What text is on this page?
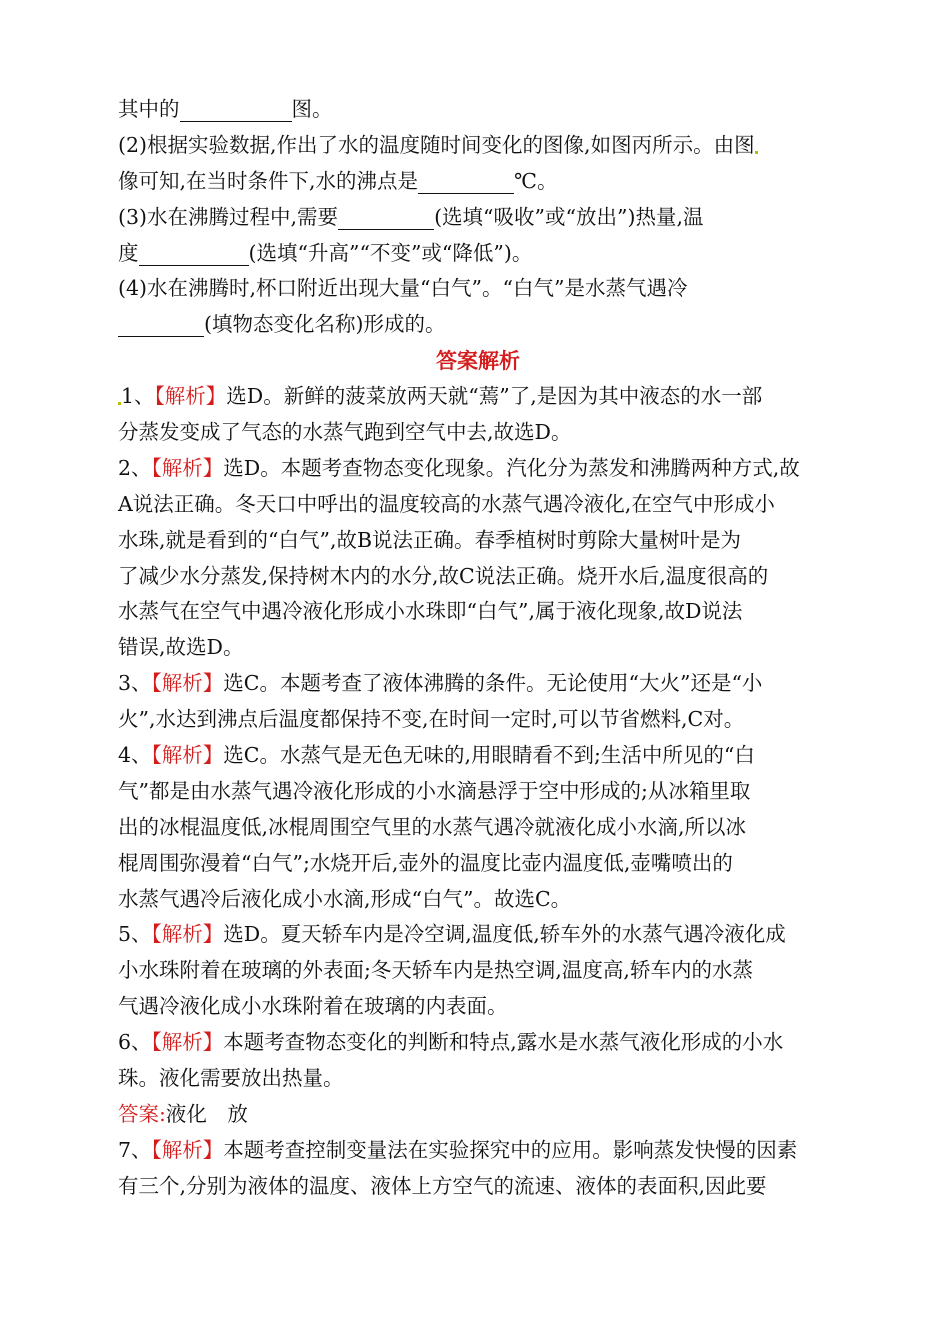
其中的	图。
(2)根据实验数据,作出了水的温度随时间变化的图像,如图丙所示。由图
像可知,在当时条件下,水的沸点是	℃。
(3)水在沸腾过程中,需要	(选填“吸收”或“放出”)热量,温
度	(选填“升高”“不变”或“降低”)。
(4)水在沸腾时,杯口附近出现大量“白气”。“白气”是水蒸气遇冷
(填物态变化名称)形成的。
答案解析
1、【解析】选D。新鲜的菠菜放两天就“蔫”了,是因为其中液态的水一部
分蒸发变成了气态的水蒸气跑到空气中去,故选D。
2、【解析】选D。本题考查物态变化现象。汽化分为蒸发和沸腾两种方式,故
A说法正确。冬天口中呼出的温度较高的水蒸气遇冷液化,在空气中形成小
水珠,就是看到的“白气”,故B说法正确。春季植树时剪除大量树叶是为
了减少水分蒸发,保持树木内的水分,故C说法正确。烧开水后,温度很高的
水蒸气在空气中遇冷液化形成小水珠即“白气”,属于液化现象,故D说法
错误,故选D。
3、【解析】选C。本题考查了液体沸腾的条件。无论使用“大火”还是“小
火”,水达到沸点后温度都保持不变,在时间一定时,可以节省燃料,C对。
4、【解析】选C。水蒸气是无色无味的,用眼睛看不到;生活中所见的“白
气”都是由水蒸气遇冷液化形成的小水滴悬浮于空中形成的;从冰箱里取
出的冰棍温度低,冰棍周围空气里的水蒸气遇冷就液化成小水滴,所以冰
棍周围弥漫着“白气”;水烧开后,壶外的温度比壶内温度低,壶嘴喷出的
水蒸气遇冷后液化成小水滴,形成“白气”。故选C。
5、【解析】选D。夏天轿车内是冷空调,温度低,轿车外的水蒸气遇冷液化成
小水珠附着在玻璃的外表面;冬天轿车内是热空调,温度高,轿车内的水蒸
气遇冷液化成小水珠附着在玻璃的内表面。
6、【解析】本题考查物态变化的判断和特点,露水是水蒸气液化形成的小水
珠。液化需要放出热量。
答案:液化　放
7、【解析】本题考查控制变量法在实验探究中的应用。影响蒸发快慢的因素
有三个,分别为液体的温度、液体上方空气的流速、液体的表面积,因此要
